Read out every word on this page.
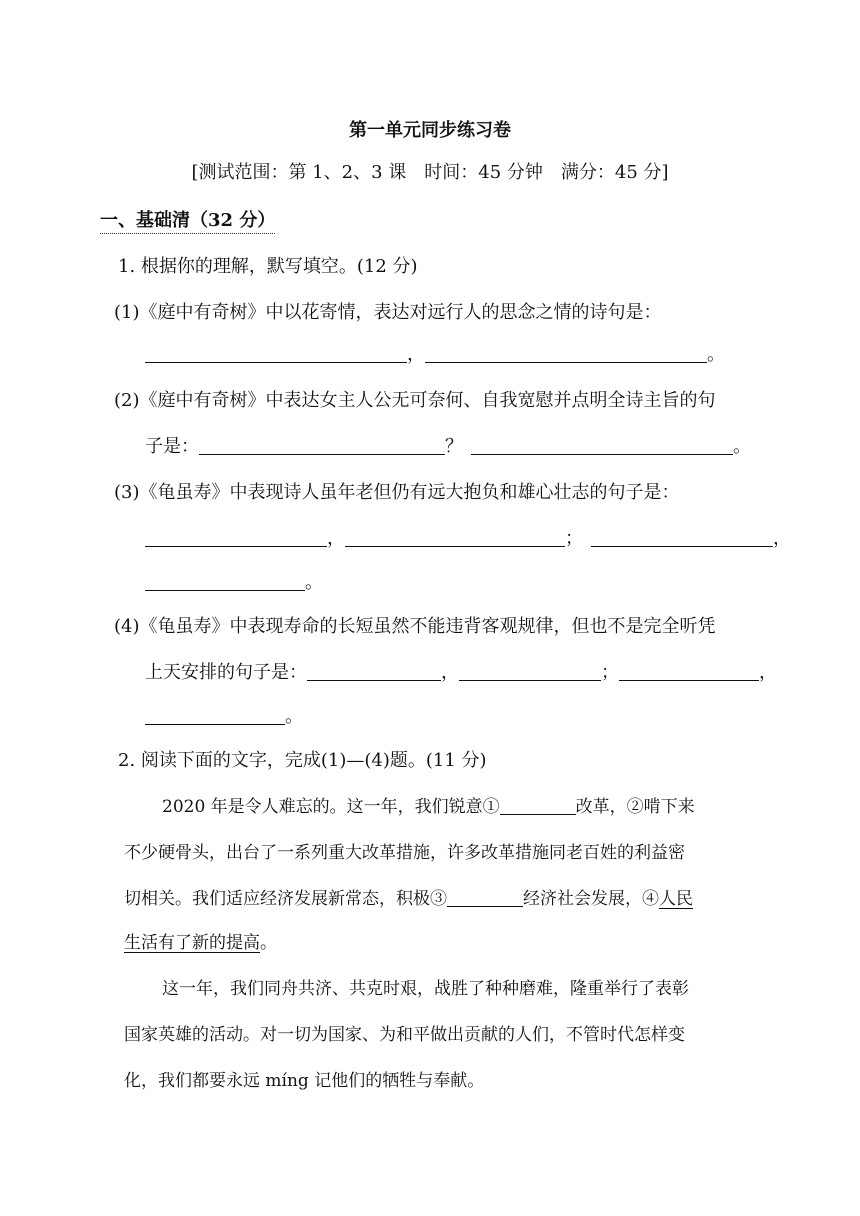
第一单元同步练习卷
[测试范围：第 1、2、3 课　时间：45 分钟　满分：45 分]
一、基础清（32 分）
1. 根据你的理解，默写填空。(12 分)
(1)《庭中有奇树》中以花寄情，表达对远行人的思念之情的诗句是：
，	。
(2)《庭中有奇树》中表达女主人公无可奈何、自我宽慰并点明全诗主旨的句
子是：	？	。
(3)《龟虽寿》中表现诗人虽年老但仍有远大抱负和雄心壮志的句子是：
，	；	，
。
(4)《龟虽寿》中表现寿命的长短虽然不能违背客观规律，但也不是完全听凭
上天安排的句子是：	，	；	，
。
2. 阅读下面的文字，完成(1)—(4)题。(11 分)
2020 年是令人难忘的。这一年，我们锐意①	改革，②啃下来
不少硬骨头，出台了一系列重大改革措施，许多改革措施同老百姓的利益密
切相关。我们适应经济发展新常态，积极③	经济社会发展，④人民
生活有了新的提高。
这一年，我们同舟共济、共克时艰，战胜了种种磨难，隆重举行了表彰
国家英雄的活动。对一切为国家、为和平做出贡献的人们，不管时代怎样变
化，我们都要永远 míng 记他们的牺牲与奉献。
